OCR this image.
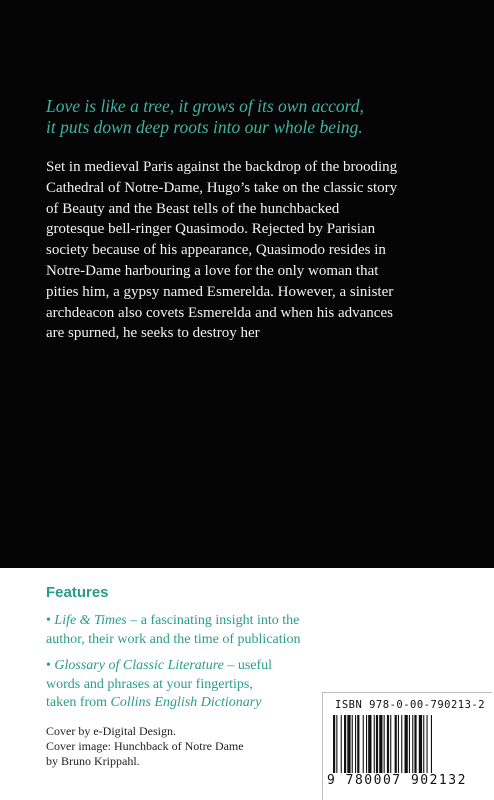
Love is like a tree, it grows of its own accord,
it puts down deep roots into our whole being.
Set in medieval Paris against the backdrop of the brooding
Cathedral of Notre-Dame, Hugo’s take on the classic story
of Beauty and the Beast tells of the hunchbacked
grotesque bell-ringer Quasimodo. Rejected by Parisian
society because of his appearance, Quasimodo resides in
Notre-Dame harbouring a love for the only woman that
pities him, a gypsy named Esmerelda. However, a sinister
archdeacon also covets Esmerelda and when his advances
are spurned, he seeks to destroy her
Features
• Life & Times – a fascinating insight into the
author, their work and the time of publication
• Glossary of Classic Literature – useful
words and phrases at your fingertips,
taken from Collins English Dictionary
Cover by e-Digital Design.
Cover image: Hunchback of Notre Dame
by Bruno Krippahl.
ISBN 978-0-00-790213-2
9 780007 902132
